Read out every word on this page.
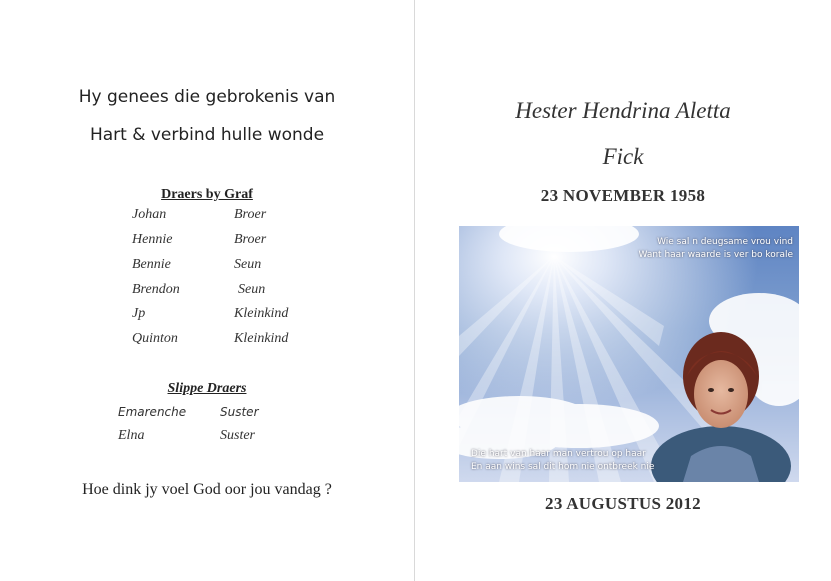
Hy genees die gebrokenis van
Hart & verbind hulle wonde
Draers by Graf
Johan	Broer
Hennie	Broer
Bennie	Seun
Brendon	Seun
Jp	Kleinkind
Quinton	Kleinkind
Slippe Draers
Emarenche	Suster
Elna	Suster
Hoe dink jy voel God oor jou vandag ?
Hester Hendrina Aletta
Fick
23 NOVEMBER 1958
Wie sal n deugsame vrou vind
Want haar waarde is ver bo korale
Die hart van haar man vertrou op haar
En aan wins sal dit hom nie ontbreek nie
23 AUGUSTUS 2012
